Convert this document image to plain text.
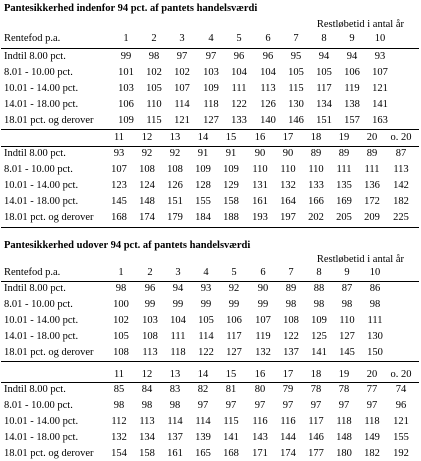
Pantesikkerhed indenfor 94 pct. af pantets handelsværdi
Restløbetid i antal år
Rentefod p.a.	1	2	3	4	5	6	7	8	9	10
Indtil 8.00 pct.	99	98	97	97	96	96	95	94	94	93
8.01 - 10.00 pct.	101	102	102	103	104	104	105	105	106	107
10.01 - 14.00 pct.	103	105	107	109	111	113	115	117	119	121
14.01 - 18.00 pct.	106	110	114	118	122	126	130	134	138	141
18.01 pct. og derover	109	115	121	127	133	140	146	151	157	163
11	12	13	14	15	16	17	18	19	20	o. 20
Indtil 8.00 pct.	93	92	92	91	91	90	90	89	89	89	87
8.01 - 10.00 pct.	107	108	108	109	109	110	110	110	111	111	113
10.01 - 14.00 pct.	123	124	126	128	129	131	132	133	135	136	142
14.01 - 18.00 pct.	145	148	151	155	158	161	164	166	169	172	182
18.01 pct. og derover	168	174	179	184	188	193	197	202	205	209	225
Pantesikkerhed udover 94 pct. af pantets handelsværdi
Restløbetid i antal år
Rentefod p.a.	1	2	3	4	5	6	7	8	9	10
Indtil 8.00 pct.	98	96	94	93	92	90	89	88	87	86
8.01 - 10.00 pct.	100	99	99	99	99	99	98	98	98	98
10.01 - 14.00 pct.	102	103	104	105	106	107	108	109	110	111
14.01 - 18.00 pct.	105	108	111	114	117	119	122	125	127	130
18.01 pct. og derover	108	113	118	122	127	132	137	141	145	150
11	12	13	14	15	16	17	18	19	20	o. 20
Indtil 8.00 pct.	85	84	83	82	81	80	79	78	78	77	74
8.01 - 10.00 pct.	98	98	98	97	97	97	97	97	97	97	96
10.01 - 14.00 pct.	112	113	114	114	115	116	116	117	118	118	121
14.01 - 18.00 pct.	132	134	137	139	141	143	144	146	148	149	155
18.01 pct. og derover	154	158	161	165	168	171	174	177	180	182	192
